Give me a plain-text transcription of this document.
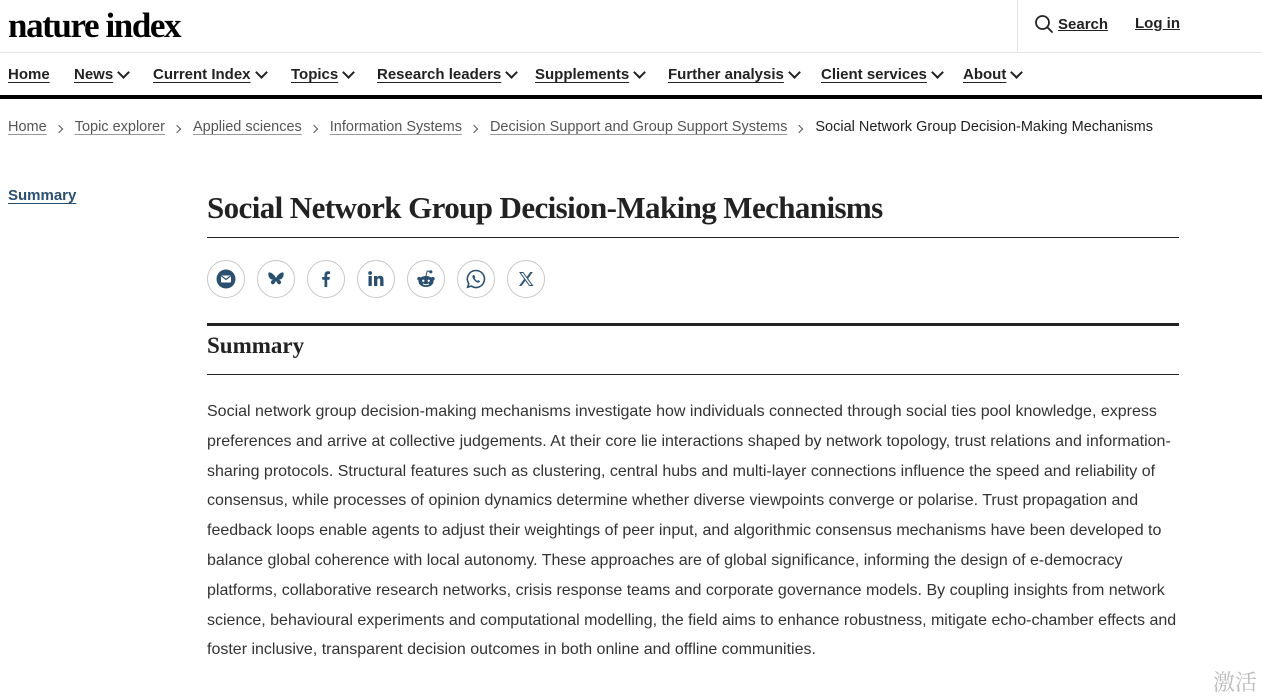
nature index	Search Log in
Home News	Current Index	Topics	Research leaders Supplements	Further analysis Client services About
Home Topic explorer Applied sciences Information Systems Decision Support and Group Support Systems Social Network Group Decision-Making Mechanisms
Summary	Social Network Group Decision-Making Mechanisms
Summary

Social network group decision-making mechanisms investigate how individuals connected through social ties pool knowledge, express preferences and arrive at collective judgements. At their core lie interactions shaped by network topology, trust relations and information-sharing protocols. Structural features such as clustering, central hubs and multi-layer connections influence the speed and reliability of consensus, while processes of opinion dynamics determine whether diverse viewpoints converge or polarise. Trust propagation and feedback loops enable agents to adjust their weightings of peer input, and algorithmic consensus mechanisms have been developed to balance global coherence with local autonomy. These approaches are of global significance, informing the design of e-democracy platforms, collaborative research networks, crisis response teams and corporate governance models. By coupling insights from network science, behavioural experiments and computational modelling, the field aims to enhance robustness, mitigate echo-chamber effects and foster inclusive, transparent decision outcomes in both online and offline communities.

激活
